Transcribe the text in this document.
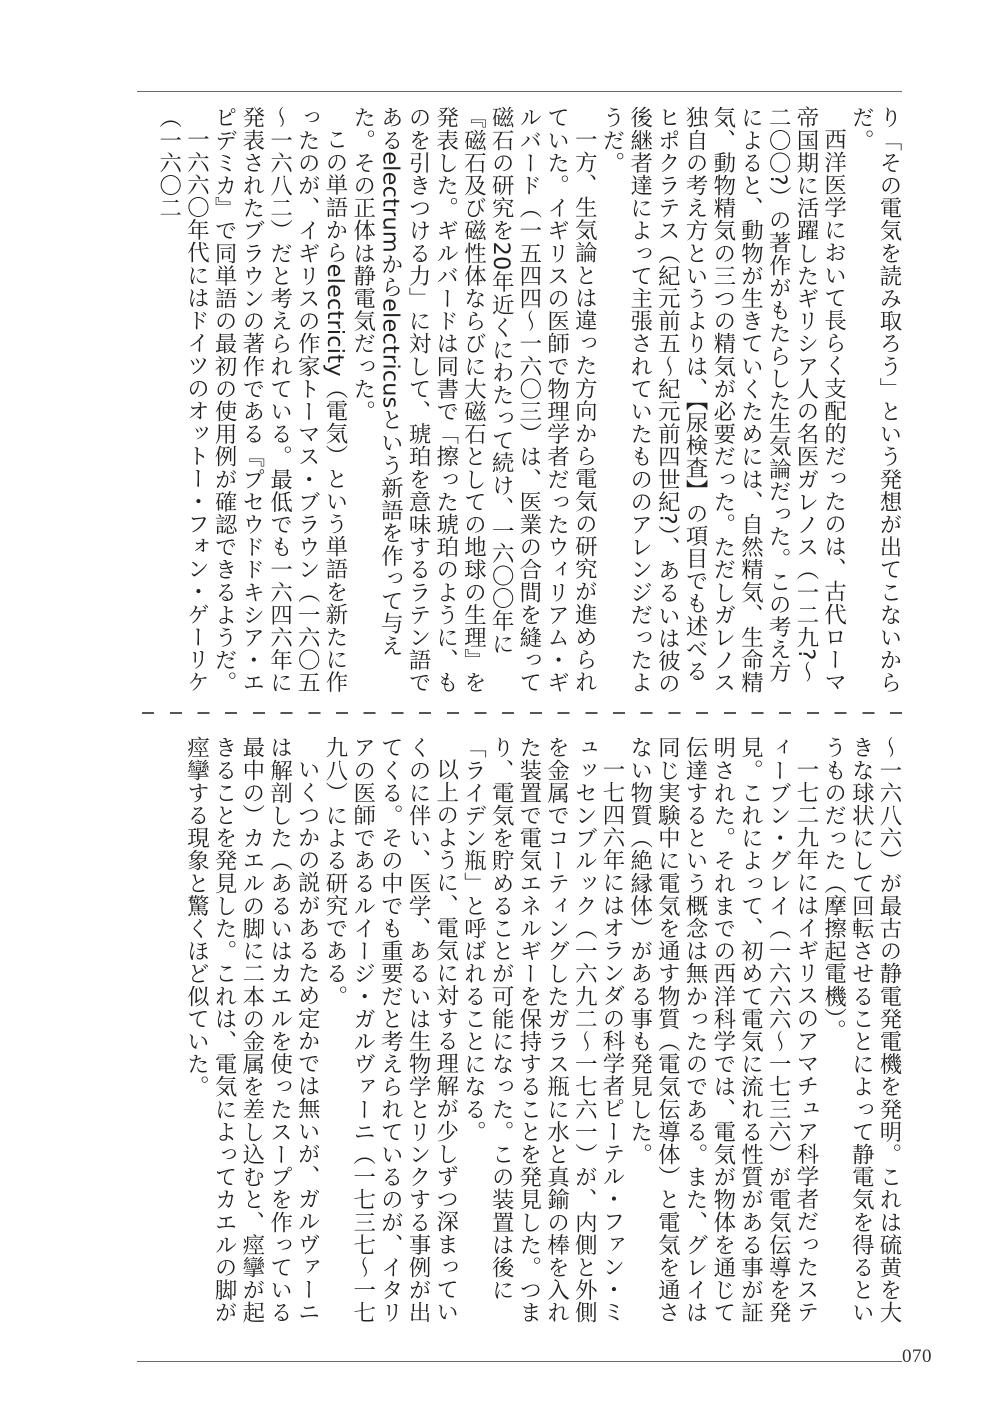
り「その電気を読み取ろう」という発想が出てこないからだ。

西洋医学において長らく支配的だったのは、古代ローマ帝国期に活躍したギリシア人の名医ガレノス（一二九?～二〇〇?）の著作がもたらした生気論だった。この考え方によると、動物が生きていくためには、自然精気、生命精気、動物精気の三つの精気が必要だった。ただしガレノス独自の考え方というよりは、【尿検査】の項目でも述べるヒポクラテス（紀元前五～紀元前四世紀?）、あるいは彼の後継者達によって主張されていたもののアレンジだったようだ。

一方、生気論とは違った方向から電気の研究が進められていた。イギリスの医師で物理学者だったウィリアム・ギルバード（一五四四～一六〇三）は、医業の合間を縫って磁石の研究を20年近くにわたって続け、一六〇〇年に『磁石及び磁性体ならびに大磁石としての地球の生理』を発表した。ギルバードは同書で「擦った琥珀のように、ものを引きつける力」に対して、琥珀を意味するラテン語であるelectrumからelectricusという新語を作って与えた。その正体は静電気だった。

この単語からelectricity（電気）という単語を新たに作ったのが、イギリスの作家トーマス・ブラウン（一六〇五～一六八二）だと考えられている。最低でも一六四六年に発表されたブラウンの著作である『プセウドドキシア・エピデミカ』で同単語の最初の使用例が確認できるようだ。

一六六〇年代にはドイツのオットー・フォン・ゲーリケ（一六〇二

～一六八六）が最古の静電発電機を発明。これは硫黄を大きな球状にして回転させることによって静電気を得るというものだった（摩擦起電機）。

一七二九年にはイギリスのアマチュア科学者だったスティーブン・グレイ（一六六六～一七三六）が電気伝導を発見。これによって、初めて電気に流れる性質がある事が証明された。それまでの西洋科学では、電気が物体を通じて伝達するという概念は無かったのである。また、グレイは同じ実験中に電気を通す物質（電気伝導体）と電気を通さない物質（絶縁体）がある事も発見した。

一七四六年にはオランダの科学者ピーテル・ファン・ミュッセンブルック（一六九二～一七六一）が、内側と外側を金属でコーティングしたガラス瓶に水と真鍮の棒を入れた装置で電気エネルギーを保持することを発見した。つまり、電気を貯めることが可能になった。この装置は後に「ライデン瓶」と呼ばれることになる。

以上のように、電気に対する理解が少しずつ深まっていくのに伴い、医学、あるいは生物学とリンクする事例が出てくる。その中でも重要だと考えられているのが、イタリアの医師であるルイージ・ガルヴァーニ（一七三七～一七九八）による研究である。

いくつかの説があるため定かでは無いが、ガルヴァーニは解剖した（あるいはカエルを使ったスープを作っている最中の）カエルの脚に二本の金属を差し込むと、痙攣が起きることを発見した。これは、電気によってカエルの脚が痙攣する現象と驚くほど似ていた。

070
